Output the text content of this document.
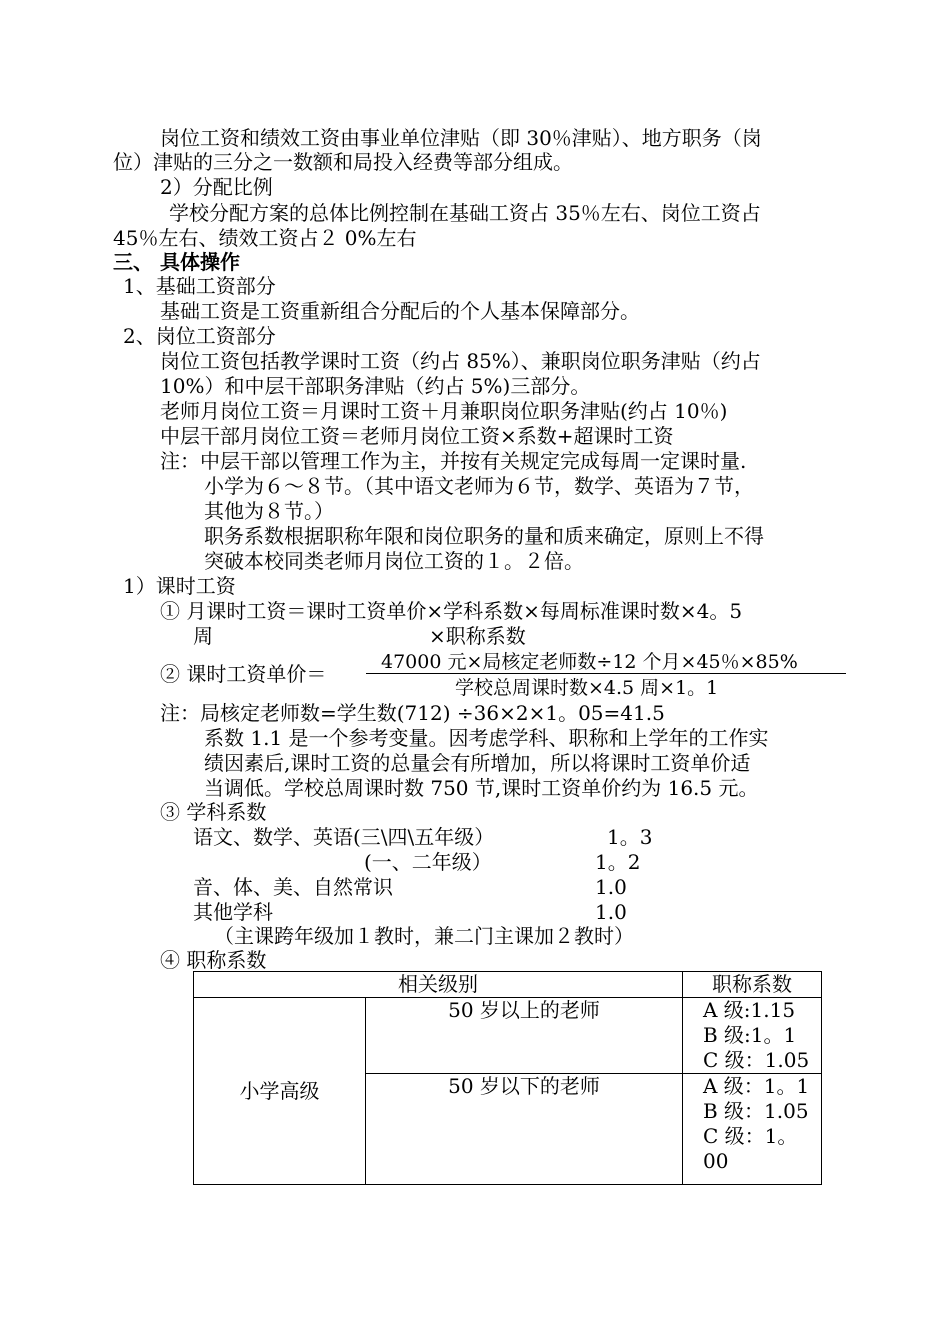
岗位工资和绩效工资由事业单位津贴（即 30％津贴）、地方职务（岗
位）津贴的三分之一数额和局投入经费等部分组成。
2）分配比例
学校分配方案的总体比例控制在基础工资占 35％左右、岗位工资占
45％左右、绩效工资占２ 0%左右
三、 具体操作
1、基础工资部分
基础工资是工资重新组合分配后的个人基本保障部分。
2、岗位工资部分
岗位工资包括教学课时工资（约占 85%）、兼职岗位职务津贴（约占
10%）和中层干部职务津贴（约占 5%)三部分。
老师月岗位工资＝月课时工资＋月兼职岗位职务津贴(约占 10％)
中层干部月岗位工资＝老师月岗位工资×系数+超课时工资
注：中层干部以管理工作为主，并按有关规定完成每周一定课时量.
小学为６～８节。（其中语文老师为６节，数学、英语为７节，
其他为８节。）
职务系数根据职称年限和岗位职务的量和质来确定，原则上不得
突破本校同类老师月岗位工资的１。２倍。
1）课时工资
① 月课时工资＝课时工资单价×学科系数×每周标准课时数×4。5
周	×职称系数
② 课时工资单价＝	47000 元×局核定老师数÷12 个月×45％×85%
学校总周课时数×4.5 周×1。1
注：局核定老师数=学生数(712) ÷36×2×1。05=41.5
系数 1.1 是一个参考变量。因考虑学科、职称和上学年的工作实
绩因素后,课时工资的总量会有所增加，所以将课时工资单价适
当调低。学校总周课时数 750 节,课时工资单价约为 16.5 元。
③ 学科系数
语文、数学、英语(三\四\五年级）	1。3
(一、二年级）	1。2
音、体、美、自然常识	1.0
其他学科	1.0
（主课跨年级加１教时，兼二门主课加２教时）
④ 职称系数
相关级别		职称系数
小学高级	50 岁以上的老师	A 级:1.15
B 级:1。1
C 级：1.05

	50 岁以下的老师	A 级：1。1
B 级：1.05
C 级：1。00
